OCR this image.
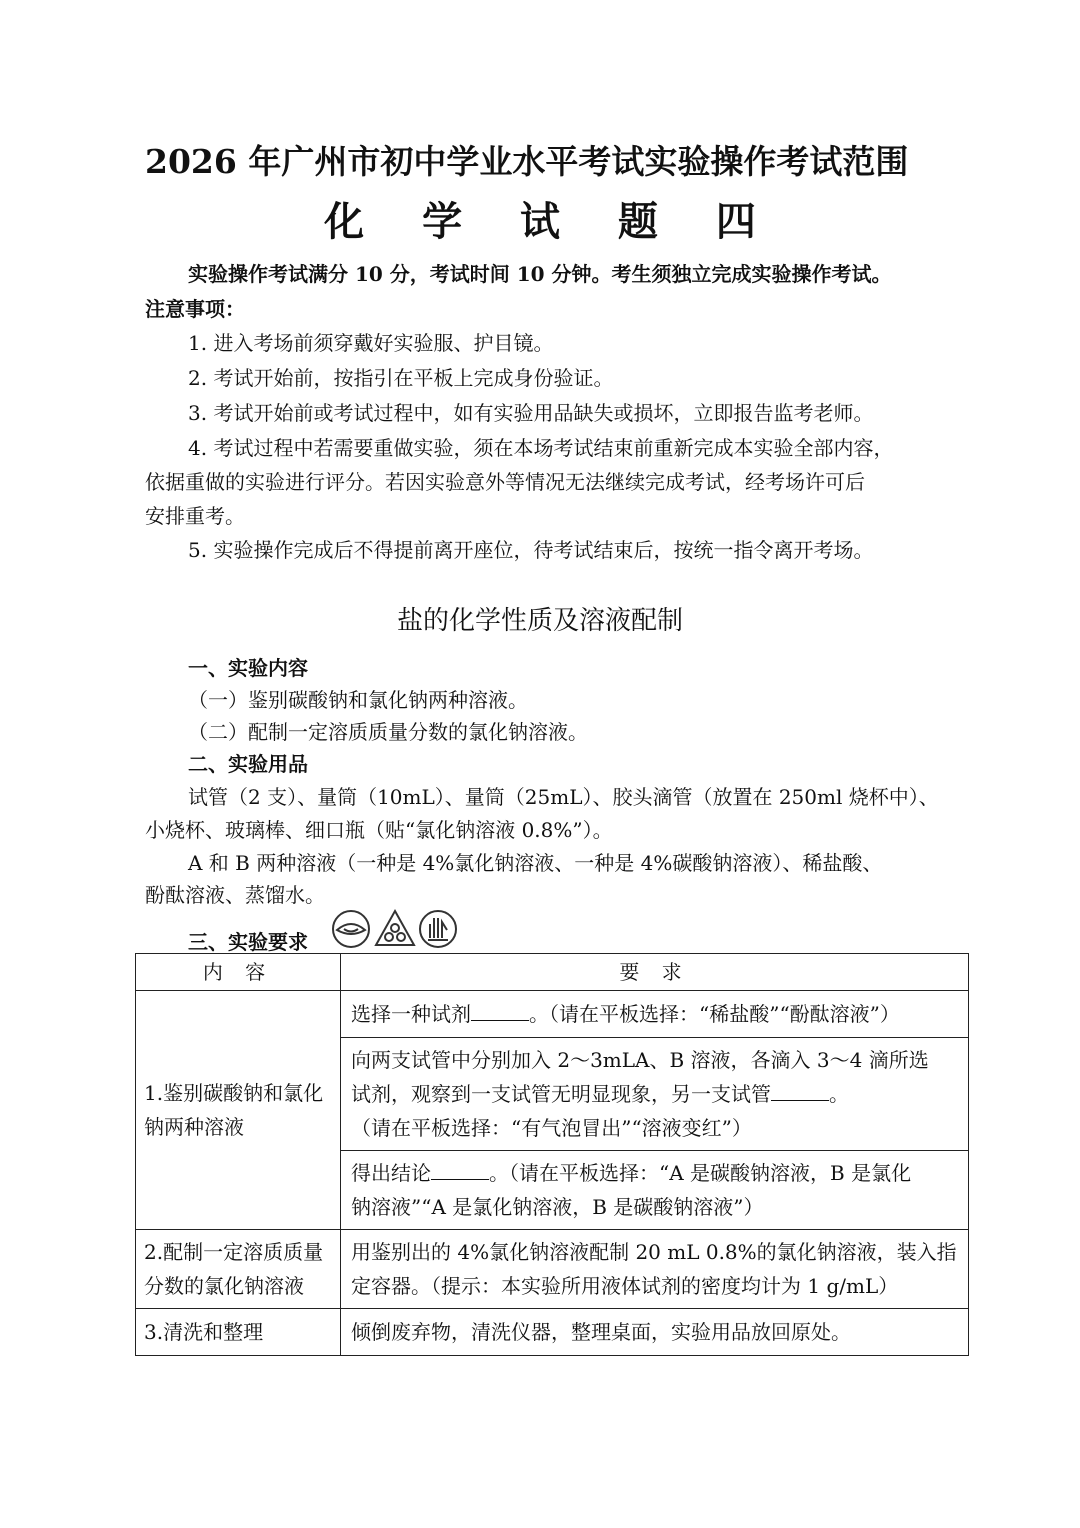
2026 年广州市初中学业水平考试实验操作考试范围
化 学 试 题 四
实验操作考试满分 10 分，考试时间 10 分钟。考生须独立完成实验操作考试。
注意事项：
1. 进入考场前须穿戴好实验服、护目镜。
2. 考试开始前，按指引在平板上完成身份验证。
3. 考试开始前或考试过程中，如有实验用品缺失或损坏，立即报告监考老师。
4. 考试过程中若需要重做实验，须在本场考试结束前重新完成本实验全部内容，
依据重做的实验进行评分。若因实验意外等情况无法继续完成考试，经考场许可后
安排重考。
5. 实验操作完成后不得提前离开座位，待考试结束后，按统一指令离开考场。
盐的化学性质及溶液配制
一、实验内容
（一）鉴别碳酸钠和氯化钠两种溶液。
（二）配制一定溶质质量分数的氯化钠溶液。
二、实验用品
试管（2 支）、量筒（10mL）、量筒（25mL）、胶头滴管（放置在 250ml 烧杯中）、
小烧杯、玻璃棒、细口瓶（贴“氯化钠溶液 0.8%”）。
A 和 B 两种溶液（一种是 4%氯化钠溶液、一种是 4%碳酸钠溶液）、稀盐酸、
酚酞溶液、蒸馏水。
三、实验要求
内 容	要 求
1.鉴别碳酸钠和氯化钠两种溶液	选择一种试剂 。（请在平板选择：“稀盐酸”“酚酞溶液”）

	向两支试管中分别加入 2～3mLA、B 溶液，各滴入 3～4 滴所选
试剂，观察到一支试管无明显现象，另一支试管 。
（请在平板选择：“有气泡冒出”“溶液变红”）

	得出结论 。（请在平板选择：“A 是碳酸钠溶液，B 是氯化
钠溶液”“A 是氯化钠溶液，B 是碳酸钠溶液”）

2.配制一定溶质质量分数的氯化钠溶液	用鉴别出的 4%氯化钠溶液配制 20 mL 0.8%的氯化钠溶液，装入指定容器。（提示：本实验所用液体试剂的密度均计为 1 g/mL）
3.清洗和整理	倾倒废弃物，清洗仪器，整理桌面，实验用品放回原处。
